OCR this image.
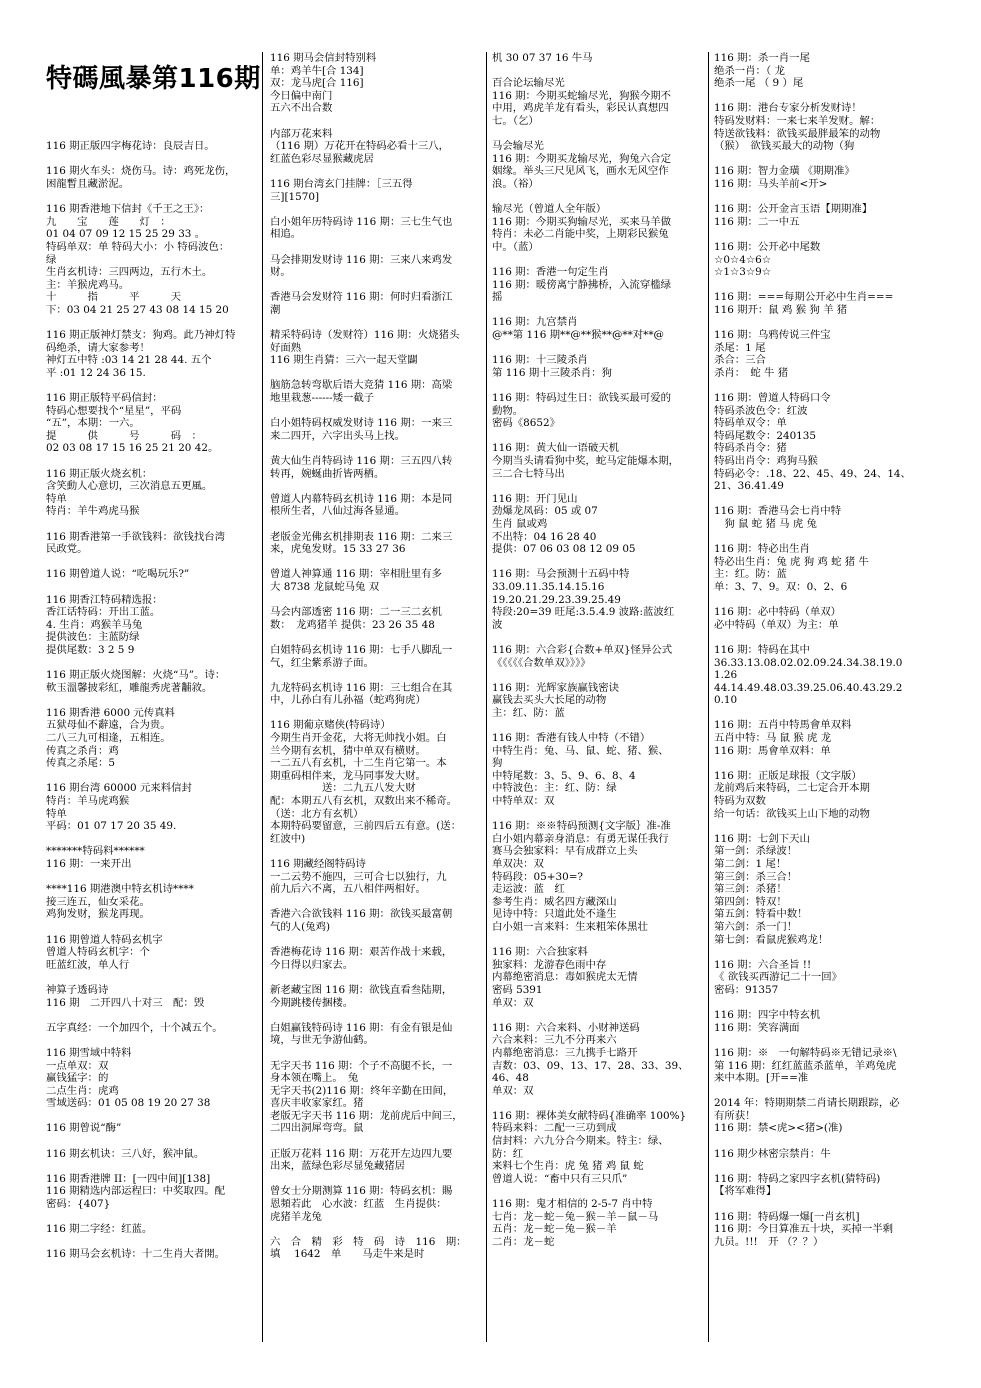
特碼風暴第116期
116 期正版四字梅花诗：良辰吉日。
116 期火车头：烧伤马。诗：鸡死龙伤，
困龍暫且藏淤泥。
116 期香港地下信封《千王之王》：
九　　宝　　莲　　灯　：
01 04 07 09 12 15 25 29 33 。
特码单双：单 特码大小：小 特码波色：
绿
生肖玄机诗：三四两边，五行木土。
主：羊猴虎鸡马。
十　　　指　　　平　　　天
下：03 04 21 25 27 43 08 14 15 20
116 期正版神灯禁支：狗鸡。此乃神灯特
码绝杀，请大家参考！
神灯五中特 :03 14 21 28 44. 五个
平 :01 12 24 36 15.
116 期正版特平码信封：
特码心想要找个“星星”，平码
“五”，本期：一六。
提　　　供　　　号　　　码　：
02 03 08 17 15 16 25 21 20 42。
116 期正版火烧玄机：
含笑動人心意切，三次消息五更風。
特单
特肖：羊牛鸡虎马猴
116 期香港第一手欲钱料：欲钱找台湾
民政党。
116 期曾道人说：“吃喝玩乐?”
116 期香江特码精选报：
香江话特码：开出工蓝。
4. 生肖：鸡猴羊马兔
提供波色：主蓝防绿
提供尾数：3 2 5 9
116 期正版火烧图解：火烧“马”。诗：
軟玉溫馨披彩紅，雕龍秀虎著黼敘。
116 期香港 6000 元传真料
五狱母仙不辭遠，合为贵。
二八三九可相逢，五相连。
传真之杀肖：鸡
传真之杀尾：5
116 期台湾 60000 元来料信封
特肖：羊马虎鸡猴
特单
平码：01 07 17 20 35 49.
*******特码料******
116 期：一来开出
****116 期港澳中特玄机诗****
接三连五，仙女采花。
鸡狗发财，猴龙再现。
116 期曾道人特码玄机字
曾道人特码玄机字：个
旺蓝红波，单人行
神算子透码诗
116 期　二开四八十对三　配：毁
五字真经：一个加四个，十个减五个。
116 期雪域中特料
一点单双：双
赢钱猛字：的
二点生肖：虎鸡
雪域送码：01 05 08 19 20 27 38
116 期曾说“酶”
116 期玄机诀：三八好，猴冲鼠。
116 期香港牌 II：[一四中间][138]
116 期精选内部运程曰：中奖取四。配
密码：{407}
116 期二字经：红蓝。
116 期马会玄机诗：十二生肖大者開。
116 期马会信封特别料
单：鸡羊牛[合 134]
双：龙马虎[合 116]
今日偏中南门
五六不出合数
内部万花来料
（116 期）万花开在特码必看十三八，
红蓝色彩尽显猴藏虎居
116 期台湾玄门挂牌：［三五得
三][1570]
白小姐年历特码诗 116 期：三七生气也
相追。
马会排期发财诗 116 期：三来八来鸡发
财。
香港马会发财符 116 期：何时归看浙江
潮
精采特码诗（发财符）116 期：火烧猪头
好面熟
116 期生肖猜：三六一起天堂闢
脑筋急转弯歇后语大竞猜 116 期：高梁
地里栽葱------矮一截子
白小姐特码权威发财诗 116 期：一来三
来二四开，六字出头马上找。
黄大仙生肖特码诗 116 期：三五四八转
转再，婉蜒曲折皆两栖。
曾道人内幕特码玄机诗 116 期：本是同
根所生者，八仙过海各显通。
老版金光佛玄机排期表 116 期：二来三
来，虎兔发财。15 33 27 36
曾道人神算通 116 期：宰相肚里有多
大 8738 龙鼠蛇马兔 双
马会内部透密 116 期：二一三二玄机
数：　龙鸡猪羊 提供：23 26 35 48
白姐特码玄机诗 116 期：七手八脚乱一
气，红尘紫系游子面。
九龙特码玄机诗 116 期：三七组合在其
中，儿孙白有儿孙福（蛇鸡狗虎）
116 期葡京赌侠(特码诗）
今期生肖开金花，大将无帅找小姐。白
兰今期有玄机，猜中单双有横财。
一二五八有玄机，十二生肖它第一。本
期重码相伴来，龙马同事发大财。
　　　　　送：二九五八发大财
配：本期五八有玄机，双数出来不稀奇。
（送：北方有玄机）
本期特码要留意，三前四后五有意。(送：
红波中)
116 期藏经阁特码诗
一二云势不施四，三可合七以独行，九
前九后六不离，五八相伴两相好。
香港六合欲钱料 116 期：欲钱买最富朝
气的人(兔鸡)
香港梅花诗 116 期：艰苦作战十来载，
今日得以归家去。
新老藏宝图 116 期：欲钱直看叁陆期，
今期跳楼传捆楼。
白姐赢钱特码诗 116 期：有金有银是仙
境，与世无争游仙鹤。
无字天书 116 期：个子不高腿不长，一
身本领在嘴上。　兔
无字天书(2)116 期：终年辛勤在田间，
喜庆丰收家家红。猪
老版无字天书 116 期：龙前虎后中间三，
二四出洞犀弯弯。鼠
正版万花料 116 期：万花开左边四九要
出来，蓝绿色彩尽显兔藏猪居
曾女士分期测算 116 期：特码玄机：賜
恩頻若此　心水波：红蓝　生肖提供：
虎猪羊龙兔
六　合　精　彩　特　码　诗　116　期：
填　 1642　单　　马走牛来是时
机 30 07 37 16 牛马
百合论坛输尽光
116 期：今期买蛇输尽光，狗猴今期不
中用，鸡虎羊龙有看头，彩民认真想四
七。（乞）
马会输尽光
116 期：今期买龙输尽光，狗兔六合定
姻缘。举头三尺见风飞，画水无风空作
浪。（裕）
输尽光（曾道人全年版）
116 期：今期买狗输尽光，买来马羊做
特肖：未必二肖能中奖，上期彩民猴兔
中。（蓝）
116 期：香港一句定生肖
116 期：暖傍离宁静拂桥，入流穿槛绿
摇
116 期：九宫禁肖
@**第 116 期**@**猴**@**对**@
116 期：十三陵杀肖
第 116 期十三陵杀肖：狗
116 期：特码过生日：欲钱买最可爱的
動物。
密码《8652》
116 期：黄大仙一语破天机
今期当头请看狗中奖，蛇马定能爆本期，
三二合七特马出
116 期：开门见山
劲爆龙凤码：05 或 07
生肖 鼠或鸡
不出特：04 16 28 40
提供：07 06 03 08 12 09 05
116 期：马会预测十五码中特
33.09.11.35.14.15.16
19.20.21.29.23.39.25.49
特段:20=39 旺尾:3.5.4.9 波路:蓝波红
波
116 期：六合彩{合数+单双}怪异公式
《《《《《合数单双》》》》
116 期：光辉家族赢钱密诀
赢钱去买头大长尾的动物
主：红、防：蓝
116 期：香港有钱人中特（不错）
中特生肖：兔、马、鼠、蛇、猪、猴、
狗
中特尾数：3、5、9、6、8、4
中特波色：主：红、防：绿
中特单双：双
116 期：※※特码预测{文字版｝准-准
白小姐内幕亲身消息：有勇无谋任我行
赛马会独家料：早有成群立上头
单双决：双
特码段：05+30=?
走运波：蓝　红
参考生肖：威名四方藏深山
见诗中特：只道此处不逢生
白小姐一言来料：生来粗笨体黑壮
116 期：六合独家料
独家料：龙游春色雨中存
内幕绝密消息：毒如猴虎太无情
密码 5391
单双：双
116 期：六合来料、小财神送码
六合来料：三九不分再来六
内幕绝密消息：三九携手七路开
吉数：03、09、13、17、28、33、39、
46、48
单双：双
116 期：裸体美女献特码{准确率 100%}
特码来料：二配一三功到成
信封料：六九分合今期来。特主：绿、
防：红
来料七个生肖：虎 兔 猪 鸡 鼠 蛇
曾道人说：“畜中只有三只爪”
116 期：鬼才相信的 2-5-7 肖中特
七肖：龙－蛇－兔－猴－羊－鼠－马
五肖：龙－蛇－兔－猴－羊
二肖：龙－蛇
116 期：杀一肖一尾
绝杀一肖：（ 龙
绝杀一尾 （ 9 ）尾
116 期：港台专家分析发财诗！
特码发财料：一来七来羊发财。解：
特送欲钱料：欲钱买最胖最笨的动物
（猴）　欲钱买最大的动物（狗
116 期：智力金璜 《期期准》
116 期：马头羊前<开>
116 期：公开金言玉语【期期准】
116 期：二一中五
116 期：公开必中尾数
☆0☆4☆6☆
☆1☆3☆9☆
116 期：===每期公开必中生肖===
116 期开：鼠 鸡 猴 狗 羊 猪
116 期：乌鸦传说三件宝
杀尾：1 尾
杀合：三合
杀肖：　蛇 牛 猪
116 期：曾道人特码口令
特码杀波色令：红波
特码单双令：单
特码尾数令：240135
特码杀肖令：猪
特码出肖令：鸡狗马猴
特码必令：.18、22、45、49、24、14、
21、36.41.49
116 期：香港马会七肖中特
　狗 鼠 蛇 猪 马 虎 兔
116 期：特必出生肖
特必出生肖：兔 虎 狗 鸡 蛇 猪 牛
主：红。防：蓝
单：3、7、9。双：0、2、6
116 期：必中特码（单双）
必中特码（单双）为主：单
116 期：特码在其中
36.33.13.08.02.02.09.24.34.38.19.0
1.26
44.14.49.48.03.39.25.06.40.43.29.2
0.10
116 期：五肖中特馬會单双料
五肖中特：马 鼠 猴 虎 龙
116 期：馬會单双料：单
116 期：正版足球报（文字版）
龙前鸡后来特码，二七定合开本期
特码为双数
给一句话：欲钱买上山下地的动物
116 期：七剑下天山
第一剑：杀绿波！
第二剑：1 尾！
第三剑：杀三合！
第三剑：杀猪！
第四剑：特双！
第五剑：特看中数！
第六剑：杀一门！
第七剑：看鼠虎猴鸡龙！
116 期：六合圣旨 !!
《 欲钱买西游记二十一回》
密码：91357
116 期：四字中特玄机
116 期：笑容满面
116 期：※　一句解特码※无错记录※\
第 116 期：红红蓝蓝杀蓝单，羊鸡兔虎
来中本期。[开==准
2014 年：特期期禁二肖请长期跟踪，必
有所获！
116 期：禁<虎><猪>(准)
116 期少林密宗禁肖：牛
116 期：特码之家四字玄机(猜特码)
【将军难得】
116 期：特码爆一爆[一肖玄机]
116 期：今日算准五十块，买掉一半剩
九员。!!!　开 （？？）
